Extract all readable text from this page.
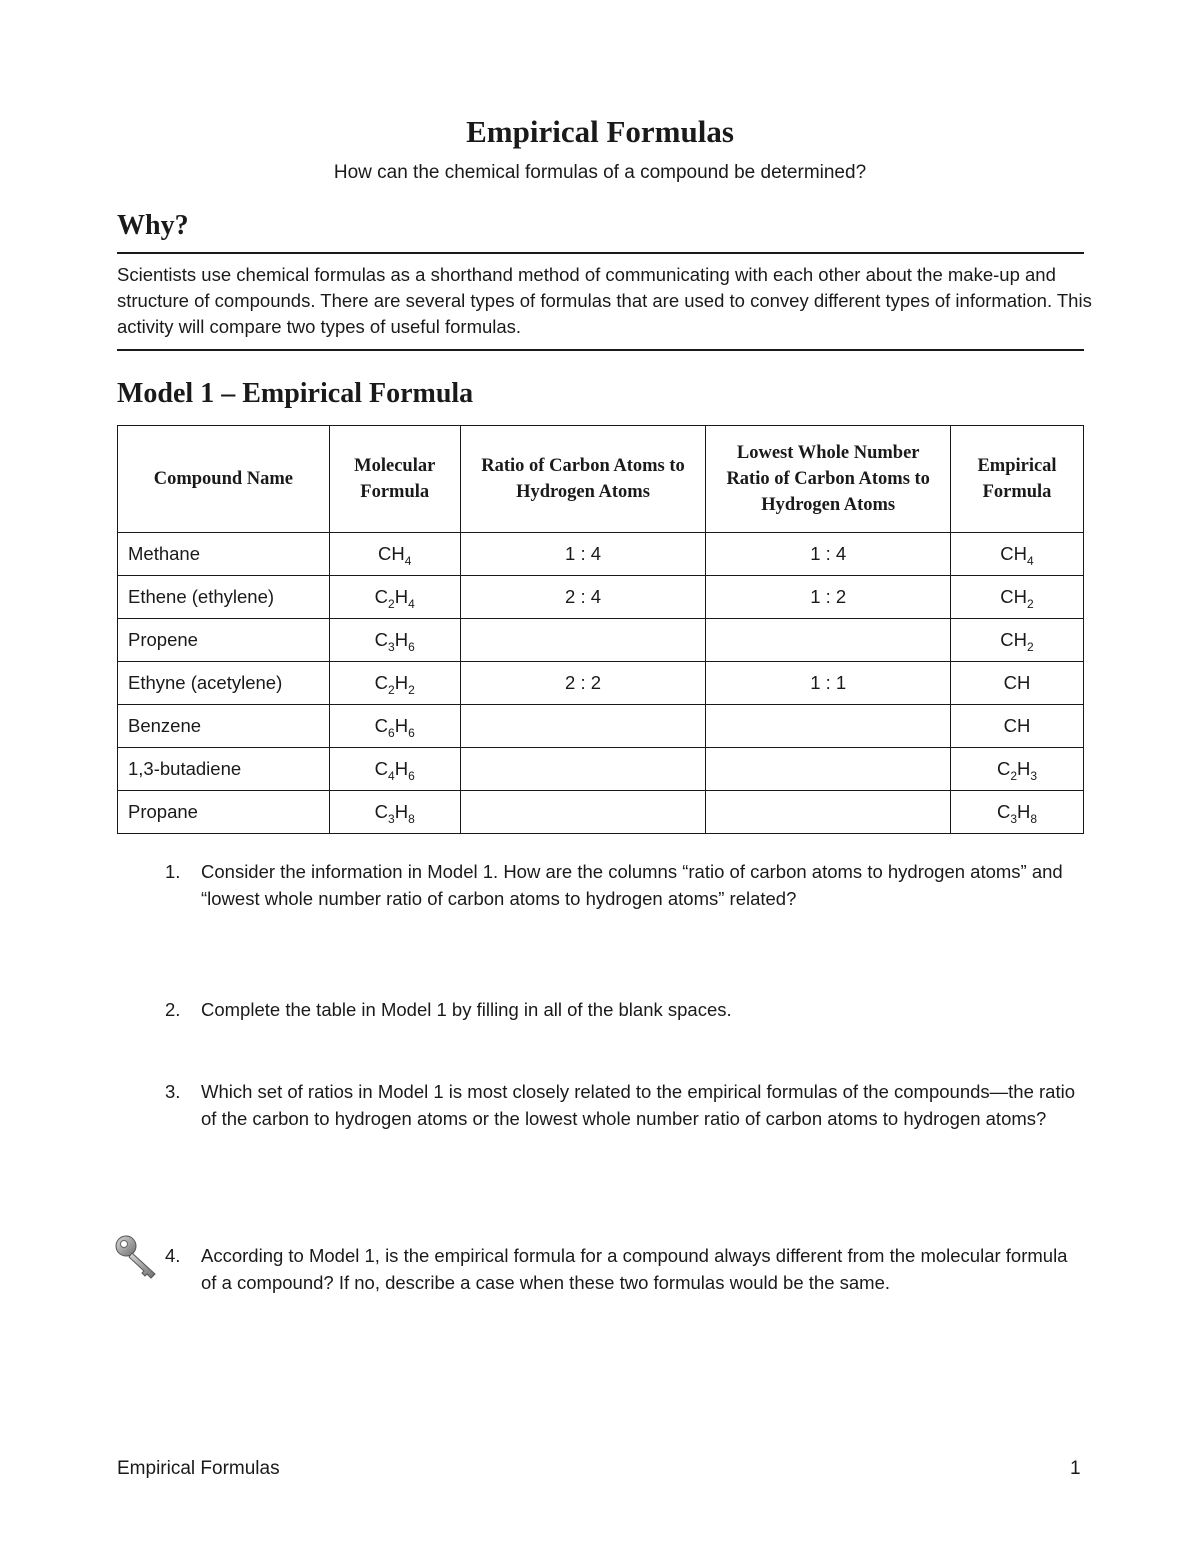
Empirical Formulas
How can the chemical formulas of a compound be determined?
Why?
Scientists use chemical formulas as a shorthand method of communicating with each other about the make-up and structure of compounds. There are several types of formulas that are used to convey different types of information. This activity will compare two types of useful formulas.
Model 1 – Empirical Formula
Compound Name	Molecular Formula	Ratio of Carbon Atoms to Hydrogen Atoms	Lowest Whole Number Ratio of Carbon Atoms to Hydrogen Atoms	Empirical Formula
Methane	$CH_4$	1 : 4	1 : 4	$CH_4$
Ethene (ethylene)	$C_2H_4$	2 : 4	1 : 2	$CH_2$
Propene	$C_3H_6$			$CH_2$
Ethyne (acetylene)	$C_2H_2$	2 : 2	1 : 1	CH
Benzene	$C_6H_6$			CH
1,3-butadiene	$C_4H_6$			$C_2H_3$
Propane	$C_3H_8$			$C_3H_8$
1.	Consider the information in Model 1. How are the columns “ratio of carbon atoms to hydrogen atoms” and “lowest whole number ratio of carbon atoms to hydrogen atoms” related?
2.	Complete the table in Model 1 by filling in all of the blank spaces.
3.	Which set of ratios in Model 1 is most closely related to the empirical formulas of the compounds—the ratio of the carbon to hydrogen atoms or the lowest whole number ratio of carbon atoms to hydrogen atoms?
4.	According to Model 1, is the empirical formula for a compound always different from the molecular formula of a compound? If no, describe a case when these two formulas would be the same.
Empirical Formulas	1
